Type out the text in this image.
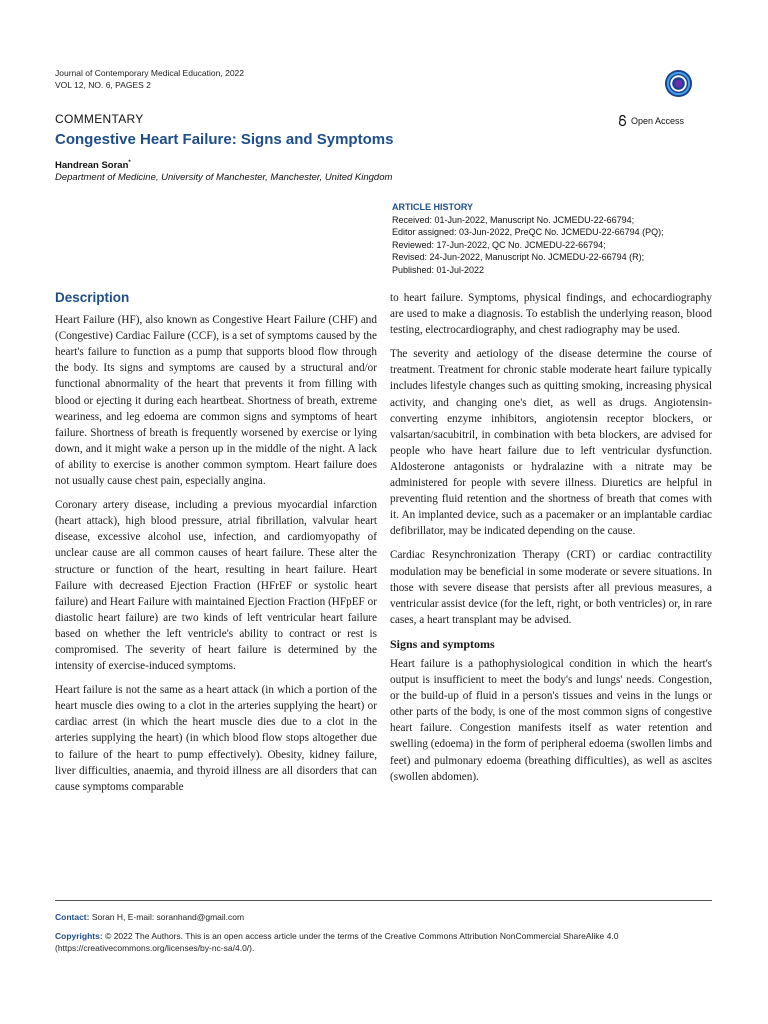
Journal of Contemporary Medical Education, 2022
VOL 12, NO. 6, PAGES 2
COMMENTARY	Open Access
Congestive Heart Failure: Signs and Symptoms
Handrean Soran*
Department of Medicine, University of Manchester, Manchester, United Kingdom
ARTICLE HISTORY
Received: 01-Jun-2022, Manuscript No. JCMEDU-22-66794;
Editor assigned: 03-Jun-2022, PreQC No. JCMEDU-22-66794 (PQ);
Reviewed: 17-Jun-2022, QC No. JCMEDU-22-66794;
Revised: 24-Jun-2022, Manuscript No. JCMEDU-22-66794 (R);
Published: 01-Jul-2022
Description

Heart Failure (HF), also known as Congestive Heart Failure (CHF) and (Congestive) Cardiac Failure (CCF), is a set of symptoms caused by the heart's failure to function as a pump that supports blood flow through the body. Its signs and symptoms are caused by a structural and/or functional abnormality of the heart that prevents it from filling with blood or ejecting it during each heartbeat. Shortness of breath, extreme weariness, and leg edoema are common signs and symptoms of heart failure. Shortness of breath is frequently worsened by exercise or lying down, and it might wake a person up in the middle of the night. A lack of ability to exercise is another common symptom. Heart failure does not usually cause chest pain, especially angina.

Coronary artery disease, including a previous myocardial infarction (heart attack), high blood pressure, atrial fibrillation, valvular heart disease, excessive alcohol use, infection, and cardiomyopathy of unclear cause are all common causes of heart failure. These alter the structure or function of the heart, resulting in heart failure. Heart Failure with decreased Ejection Fraction (HFrEF or systolic heart failure) and Heart Failure with maintained Ejection Fraction (HFpEF or diastolic heart failure) are two kinds of left ventricular heart failure based on whether the left ventricle's ability to contract or rest is compromised. The severity of heart failure is determined by the intensity of exercise-induced symptoms.

Heart failure is not the same as a heart attack (in which a portion of the heart muscle dies owing to a clot in the arteries supplying the heart) or cardiac arrest (in which the heart muscle dies due to a clot in the arteries supplying the heart) (in which blood flow stops altogether due to failure of the heart to pump effectively). Obesity, kidney failure, liver difficulties, anaemia, and thyroid illness are all disorders that can cause symptoms comparable

to heart failure. Symptoms, physical findings, and echocardiography are used to make a diagnosis. To establish the underlying reason, blood testing, electrocardiography, and chest radiography may be used.

The severity and aetiology of the disease determine the course of treatment. Treatment for chronic stable moderate heart failure typically includes lifestyle changes such as quitting smoking, increasing physical activity, and changing one's diet, as well as drugs. Angiotensin-converting enzyme inhibitors, angiotensin receptor blockers, or valsartan/sacubitril, in combination with beta blockers, are advised for people who have heart failure due to left ventricular dysfunction. Aldosterone antagonists or hydralazine with a nitrate may be administered for people with severe illness. Diuretics are helpful in preventing fluid retention and the shortness of breath that comes with it. An implanted device, such as a pacemaker or an implantable cardiac defibrillator, may be indicated depending on the cause.

Cardiac Resynchronization Therapy (CRT) or cardiac contractility modulation may be beneficial in some moderate or severe situations. In those with severe disease that persists after all previous measures, a ventricular assist device (for the left, right, or both ventricles) or, in rare cases, a heart transplant may be advised.

Signs and symptoms

Heart failure is a pathophysiological condition in which the heart's output is insufficient to meet the body's and lungs' needs. Congestion, or the build-up of fluid in a person's tissues and veins in the lungs or other parts of the body, is one of the most common signs of congestive heart failure. Congestion manifests itself as water retention and swelling (edoema) in the form of peripheral edoema (swollen limbs and feet) and pulmonary edoema (breathing difficulties), as well as ascites (swollen abdomen).

Contact: Soran H, E-mail: soranhand@gmail.com
Copyrights: © 2022 The Authors. This is an open access article under the terms of the Creative Commons Attribution NonCommercial ShareAlike 4.0 (https://creativecommons.org/licenses/by-nc-sa/4.0/).
